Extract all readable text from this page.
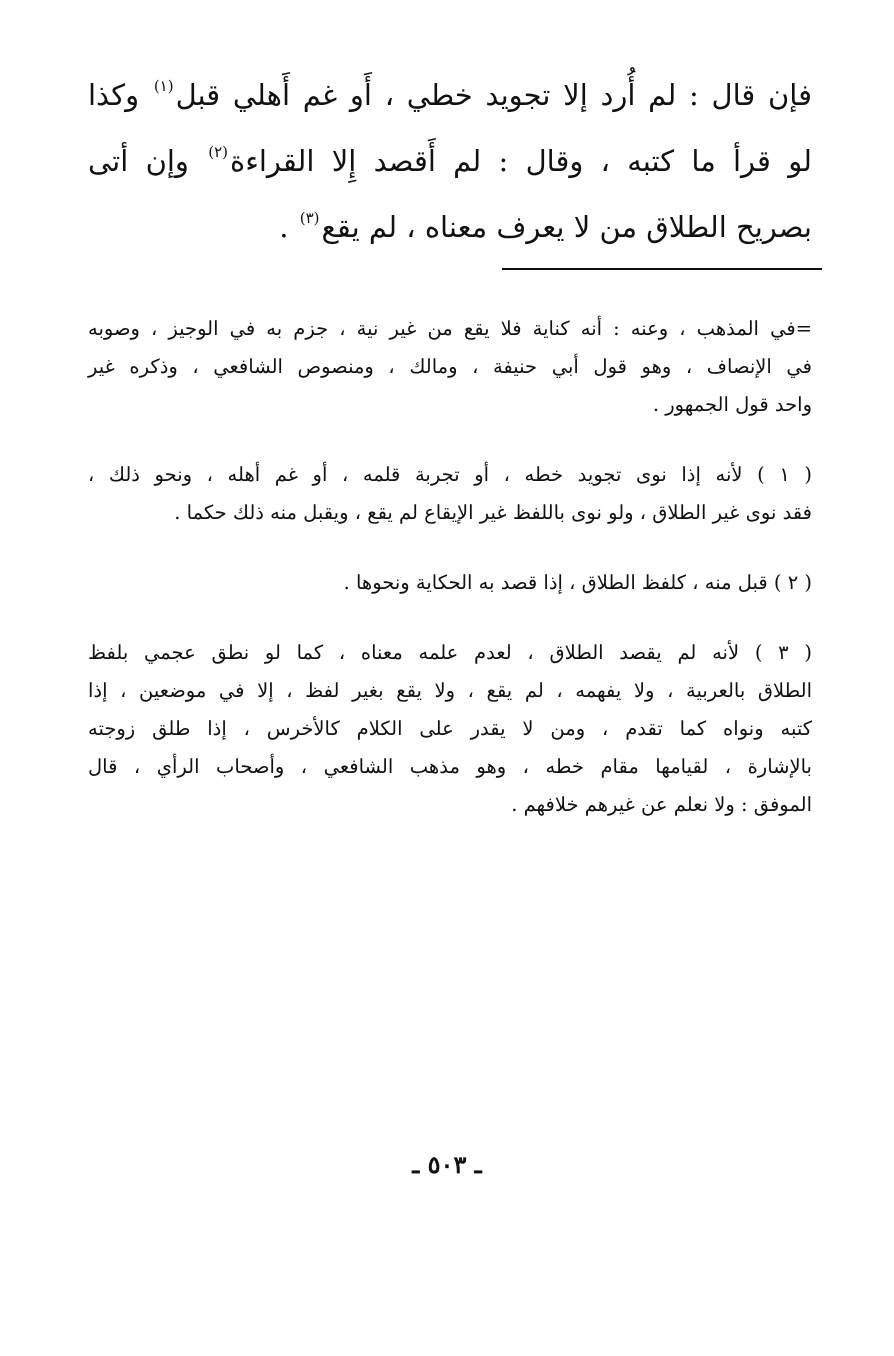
فإن قال : لم أُرد إلا تجويد خطي ، أَو غم أَهلي قبل$^{(١)}$ وكذا
لو قرأ ما كتبه ، وقال : لم أَقصد إِلا القراءة$^{(٢)}$ وإن أتى
بصريح الطلاق من لا يعرف معناه ، لم يقع$^{(٣)}$ .
=في المذهب ، وعنه : أنه كناية فلا يقع من غير نية ، جزم به في الوجيز ، وصوبه
في الإنصاف ، وهو قول أبي حنيفة ، ومالك ، ومنصوص الشافعي ، وذكره غير
واحد قول الجمهور .
( ١ ) لأنه إذا نوى تجويد خطه ، أو تجربة قلمه ، أو غم أهله ، ونحو ذلك ،
فقد نوى غير الطلاق ، ولو نوى باللفظ غير الإيقاع لم يقع ، ويقبل منه ذلك حكما .
( ٢ ) قبل منه ، كلفظ الطلاق ، إذا قصد به الحكاية ونحوها .
( ٣ ) لأنه لم يقصد الطلاق ، لعدم علمه معناه ، كما لو نطق عجمي بلفظ
الطلاق بالعربية ، ولا يفهمه ، لم يقع ، ولا يقع بغير لفظ ، إلا في موضعين ، إذا
كتبه ونواه كما تقدم ، ومن لا يقدر على الكلام كالأخرس ، إذا طلق زوجته
بالإشارة ، لقيامها مقام خطه ، وهو مذهب الشافعي ، وأصحاب الرأي ، قال
الموفق : ولا نعلم عن غيرهم خلافهم .
ـ ٥٠٣ ـ
